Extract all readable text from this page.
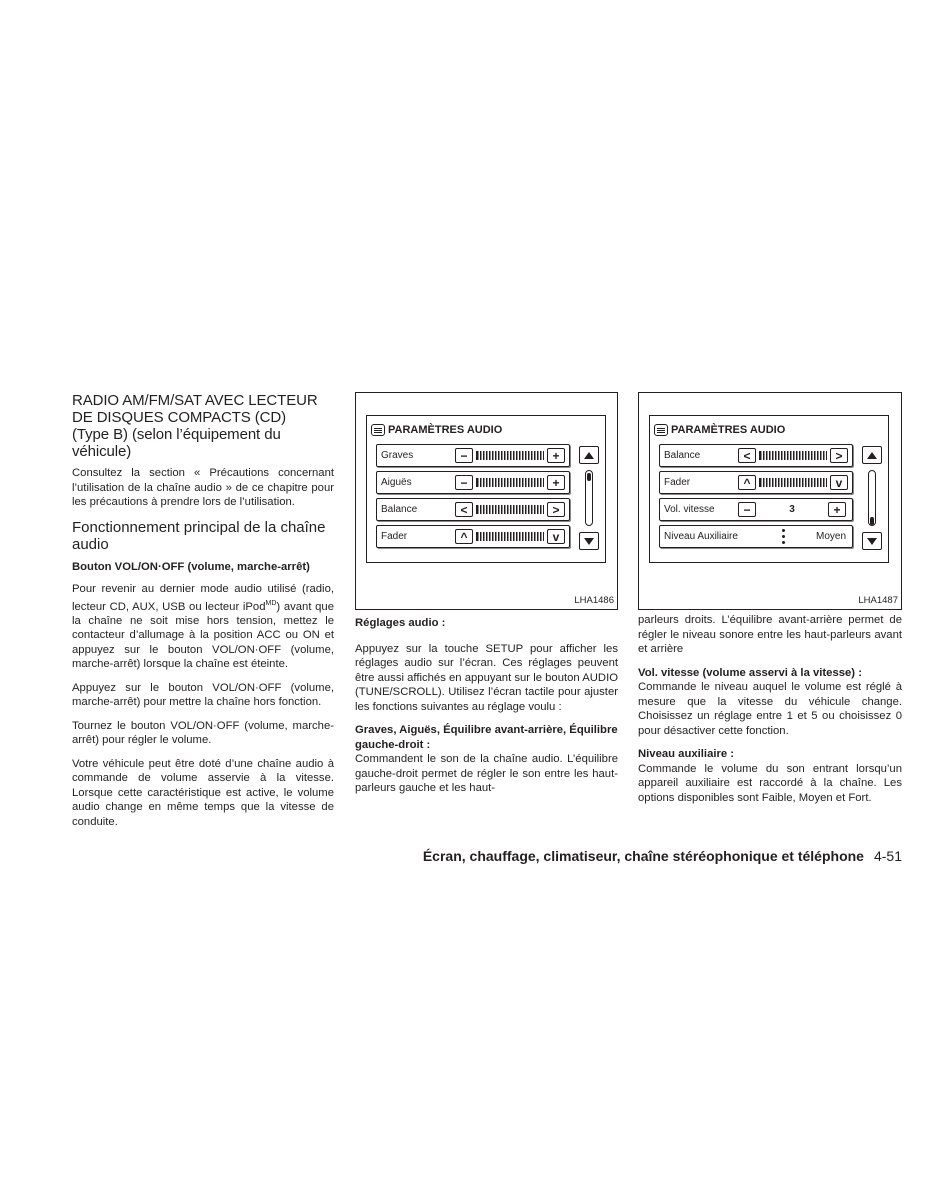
RADIO AM/FM/SAT AVEC LECTEUR
DE DISQUES COMPACTS (CD)
(Type B) (selon l’équipement du
véhicule)

Consultez la section « Précautions concernant l’utilisation de la chaîne audio » de ce chapitre pour les précautions à prendre lors de l’utilisation.

Fonctionnement principal de la chaîne audio
Bouton VOL/ON·OFF (volume, marche-arrêt)

Pour revenir au dernier mode audio utilisé (radio, lecteur CD, AUX, USB ou lecteur iPod$^{MD}$) avant que la chaîne ne soit mise hors tension, mettez le contacteur d’allumage à la position ACC ou ON et appuyez sur le bouton VOL/ON·OFF (volume, marche-arrêt) lorsque la chaîne est éteinte.

Appuyez sur le bouton VOL/ON·OFF (volume, marche-arrêt) pour mettre la chaîne hors fonction.

Tournez le bouton VOL/ON·OFF (volume, marche-arrêt) pour régler le volume.

Votre véhicule peut être doté d’une chaîne audio à commande de volume asservie à la vitesse. Lorsque cette caractéristique est active, le volume audio change en même temps que la vitesse de conduite.

PARAMÈTRES AUDIO
Graves	−	+
Aiguës	−	+
Balance	<	>
Fader	^	v
LHA1486
Réglages audio :

Appuyez sur la touche SETUP pour afficher les réglages audio sur l’écran. Ces réglages peuvent être aussi affichés en appuyant sur le bouton AUDIO (TUNE/SCROLL). Utilisez l’écran tactile pour ajuster les fonctions suivantes au réglage voulu :

Graves, Aiguës, Équilibre avant-arrière, Équilibre gauche-droit :

Commandent le son de la chaîne audio. L’équilibre gauche-droit permet de régler le son entre les haut-parleurs gauche et les haut-

PARAMÈTRES AUDIO
Balance	<	>
Fader	^	v
Vol. vitesse	−	3	+
Niveau Auxiliaire	Moyen
LHA1487

parleurs droits. L’équilibre avant-arrière permet de régler le niveau sonore entre les haut-parleurs avant et arrière

Vol. vitesse (volume asservi à la vitesse) :

Commande le niveau auquel le volume est réglé à mesure que la vitesse du véhicule change. Choisissez un réglage entre 1 et 5 ou choisissez 0 pour désactiver cette fonction.

Niveau auxiliaire :

Commande le volume du son entrant lorsqu’un appareil auxiliaire est raccordé à la chaîne. Les options disponibles sont Faible, Moyen et Fort.

Écran, chauffage, climatiseur, chaîne stéréophonique et téléphone 4-51
